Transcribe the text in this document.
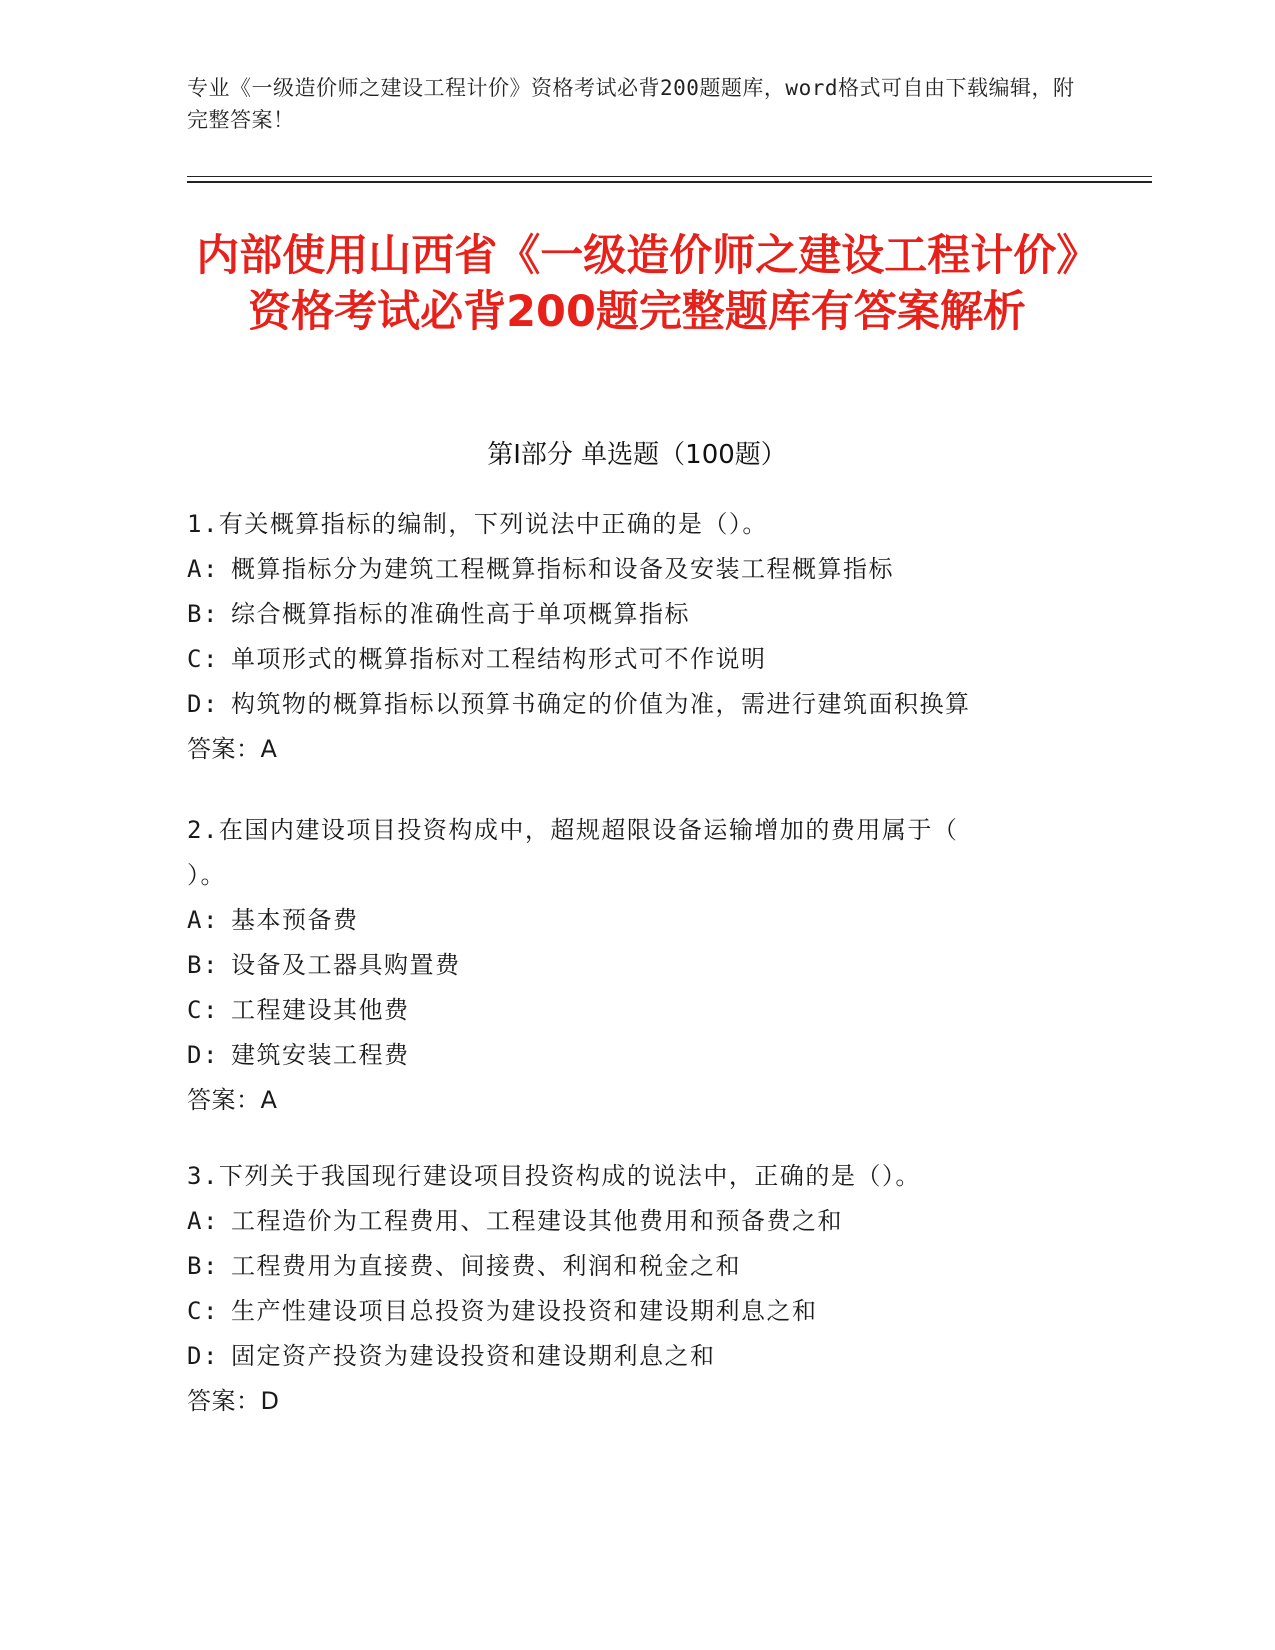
专业《一级造价师之建设工程计价》资格考试必背200题题库，word格式可自由下载编辑，附完整答案！
内部使用山西省《一级造价师之建设工程计价》资格考试必背200题完整题库有答案解析
第Ⅰ部分 单选题（100题）
1.有关概算指标的编制，下列说法中正确的是（）。
A: 概算指标分为建筑工程概算指标和设备及安装工程概算指标
B: 综合概算指标的准确性高于单项概算指标
C: 单项形式的概算指标对工程结构形式可不作说明
D: 构筑物的概算指标以预算书确定的价值为准，需进行建筑面积换算
答案：A
2.在国内建设项目投资构成中，超规超限设备运输增加的费用属于（
）。
A: 基本预备费
B: 设备及工器具购置费
C: 工程建设其他费
D: 建筑安装工程费
答案：A
3.下列关于我国现行建设项目投资构成的说法中，正确的是（）。
A: 工程造价为工程费用、工程建设其他费用和预备费之和
B: 工程费用为直接费、间接费、利润和税金之和
C: 生产性建设项目总投资为建设投资和建设期利息之和
D: 固定资产投资为建设投资和建设期利息之和
答案：D
